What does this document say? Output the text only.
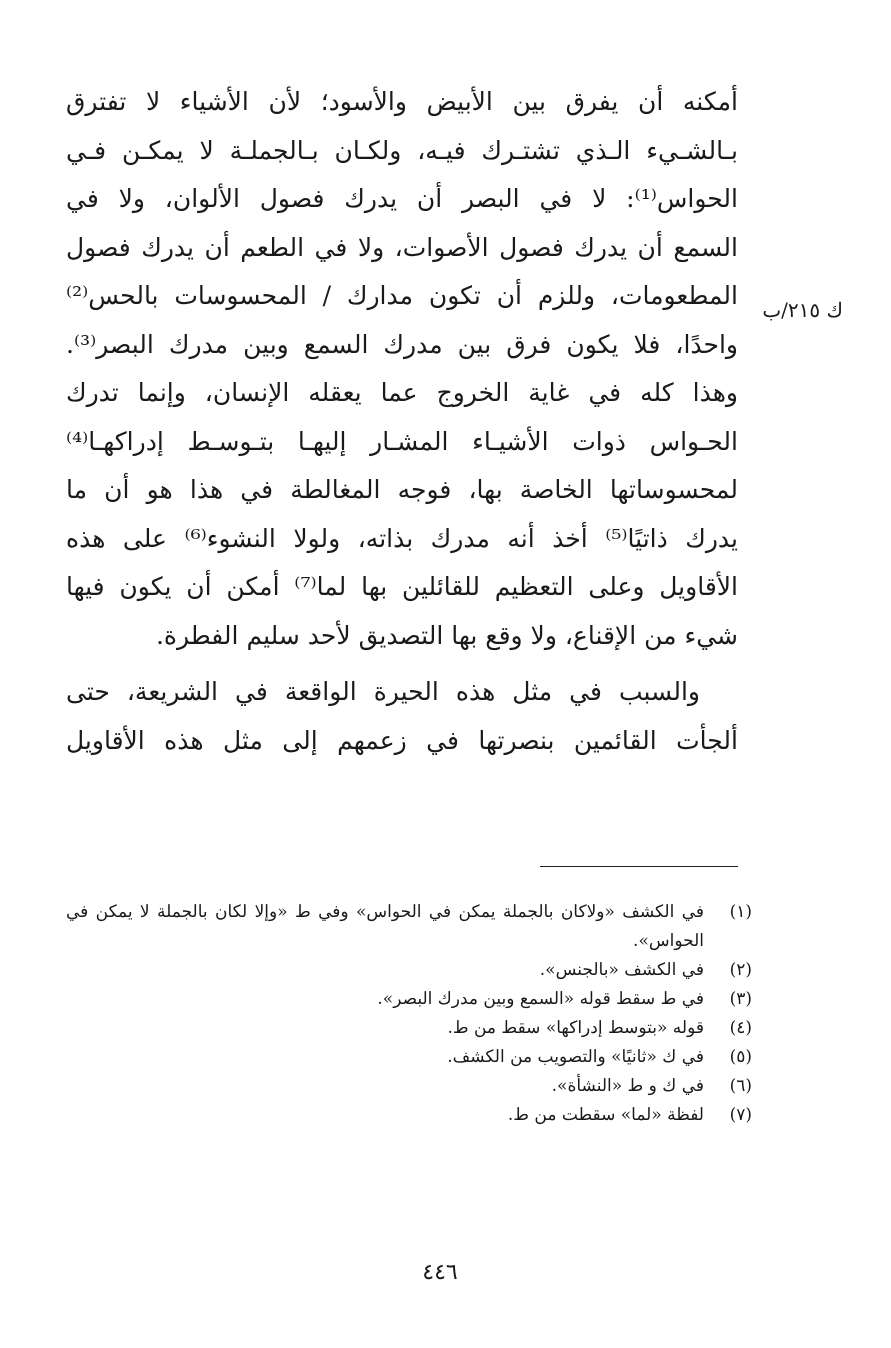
أمكنه أن يفرق بين الأبيض والأسود؛ لأن الأشياء لا تفترق
بـالشـيء الـذي تشتـرك فيـه، ولكـان بـالجملـة لا يمكـن فـي
الحواس⁽¹⁾: لا في البصر أن يدرك فصول الألوان، ولا في
السمع أن يدرك فصول الأصوات، ولا في الطعم أن يدرك فصول
المطعومات، وللزم أن تكون مدارك / المحسوسات بالحس⁽²⁾
واحدًا، فلا يكون فرق بين مدرك السمع وبين مدرك البصر⁽³⁾.
وهذا كله في غاية الخروج عما يعقله الإنسان، وإنما تدرك
الحـواس ذوات الأشيـاء المشـار إليهـا بتـوسـط إدراكهـا⁽⁴⁾
لمحسوساتها الخاصة بها، فوجه المغالطة في هذا هو أن ما
يدرك ذاتيًا⁽⁵⁾ أخذ أنه مدرك بذاته، ولولا النشوء⁽⁶⁾ على هذه
الأقاويل وعلى التعظيم للقائلين بها لما⁽⁷⁾ أمكن أن يكون فيها
شيء من الإقناع، ولا وقع بها التصديق لأحد سليم الفطرة.
والسبب في مثل هذه الحيرة الواقعة في الشريعة، حتى
ألجأت القائمين بنصرتها في زعمهم إلى مثل هذه الأقاويل
ك ٢١٥/ب
(١)
في الكشف «ولاكان بالجملة يمكن في الحواس» وفي ط «وإلا لكان بالجملة لا يمكن في الحواس».
(٢)
في الكشف «بالجنس».
(٣)
في ط سقط قوله «السمع وبين مدرك البصر».
(٤)
قوله «بتوسط إدراكها» سقط من ط.
(٥)
في ك «ثانيًا» والتصويب من الكشف.
(٦)
في ك و ط «النشأة».
(٧)
لفظة «لما» سقطت من ط.
٤٤٦
